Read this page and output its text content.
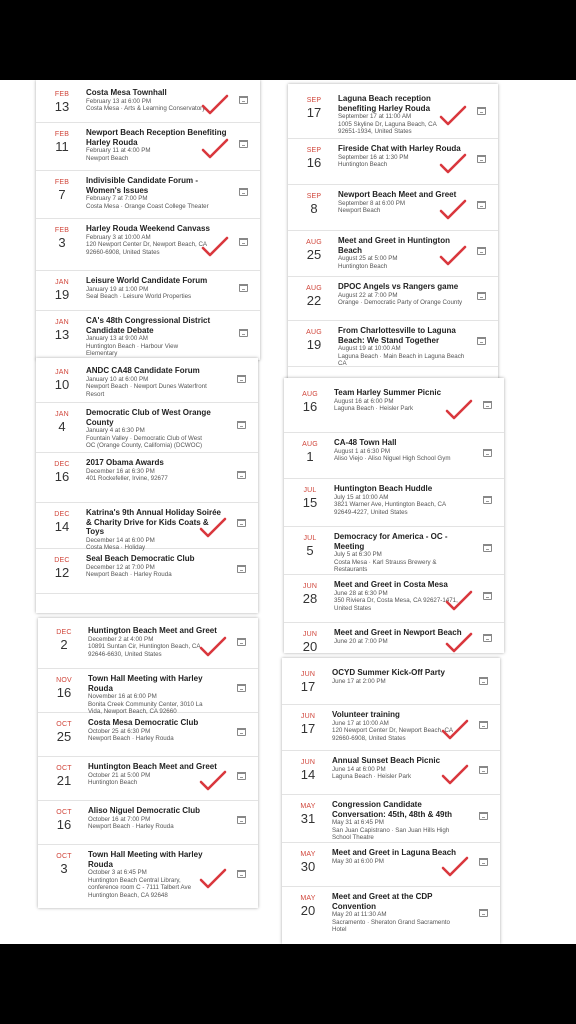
FEB
13
Costa Mesa Townhall
February 13 at 6:00 PM
Costa Mesa · Arts & Learning Conservatory
FEB
11
Newport Beach Reception Benefiting Harley Rouda
February 11 at 4:00 PM
Newport Beach
FEB
7
Indivisible Candidate Forum - Women's Issues
February 7 at 7:00 PM
Costa Mesa · Orange Coast College Theater
FEB
3
Harley Rouda Weekend Canvass
February 3 at 10:00 AM
120 Newport Center Dr, Newport Beach, CA
92660-6908, United States
JAN
19
Leisure World Candidate Forum
January 19 at 1:00 PM
Seal Beach · Leisure World Properties
JAN
13
CA's 48th Congressional District Candidate Debate
January 13 at 9:00 AM
Huntington Beach · Harbour View
Elementary
JAN
10
ANDC CA48 Candidate Forum
January 10 at 6:00 PM
Newport Beach · Newport Dunes Waterfront
Resort
JAN
4
Democratic Club of West Orange County
January 4 at 6:30 PM
Fountain Valley · Democratic Club of West
OC (Orange County, California) (DCWOC)
DEC
16
2017 Obama Awards
December 16 at 6:30 PM
401 Rockefeller, Irvine, 92677
DEC
14
Katrina's 9th Annual Holiday Soirée & Charity Drive for Kids Coats & Toys
December 14 at 6:00 PM
Costa Mesa · Holiday
DEC
12
Seal Beach Democratic Club
December 12 at 7:00 PM
Newport Beach · Harley Rouda
DEC
2
Huntington Beach Meet and Greet
December 2 at 4:00 PM
10891 Suntan Cir, Huntington Beach, CA
92646-6630, United States
NOV
16
Town Hall Meeting with Harley Rouda
November 16 at 6:00 PM
Bonita Creek Community Center, 3010 La
Vida, Newport Beach, CA 92660
OCT
25
Costa Mesa Democratic Club
October 25 at 6:30 PM
Newport Beach · Harley Rouda
OCT
21
Huntington Beach Meet and Greet
October 21 at 5:00 PM
Huntington Beach
OCT
16
Aliso Niguel Democratic Club
October 16 at 7:00 PM
Newport Beach · Harley Rouda
OCT
3
Town Hall Meeting with Harley Rouda
October 3 at 6:45 PM
Huntington Beach Central Library,
conference room C - 7111 Talbert Ave
Huntington Beach, CA 92648
SEP
17
Laguna Beach reception benefiting Harley Rouda
September 17 at 11:00 AM
1005 Skyline Dr, Laguna Beach, CA
92651-1934, United States
SEP
16
Fireside Chat with Harley Rouda
September 16 at 1:30 PM
Huntington Beach
SEP
8
Newport Beach Meet and Greet
September 8 at 6:00 PM
Newport Beach
AUG
25
Meet and Greet in Huntington Beach
August 25 at 5:00 PM
Huntington Beach
AUG
22
DPOC Angels vs Rangers game
August 22 at 7:00 PM
Orange · Democratic Party of Orange County
AUG
19
From Charlottesville to Laguna Beach: We Stand Together
August 19 at 10:00 AM
Laguna Beach · Main Beach in Laguna Beach
CA
AUG
16
Team Harley Summer Picnic
August 16 at 6:00 PM
Laguna Beach · Heisler Park
AUG
1
CA-48 Town Hall
August 1 at 6:30 PM
Aliso Viejo · Aliso Niguel High School Gym
JUL
15
Huntington Beach Huddle
July 15 at 10:00 AM
3821 Warner Ave, Huntington Beach, CA
92649-4227, United States
JUL
5
Democracy for America - OC - Meeting
July 5 at 6:30 PM
Costa Mesa · Karl Strauss Brewery &
Restaurants
JUN
28
Meet and Greet in Costa Mesa
June 28 at 6:30 PM
350 Riviera Dr, Costa Mesa, CA 92627-1471,
United States
JUN
20
Meet and Greet in Newport Beach
June 20 at 7:00 PM
JUN
17
OCYD Summer Kick-Off Party
June 17 at 2:00 PM
JUN
17
Volunteer training
June 17 at 10:00 AM
120 Newport Center Dr, Newport Beach, CA
92660-6908, United States
JUN
14
Annual Sunset Beach Picnic
June 14 at 6:00 PM
Laguna Beach · Heisler Park
MAY
31
Congression Candidate Conversation: 45th, 48th & 49th
May 31 at 6:45 PM
San Juan Capistrano · San Juan Hills High
School Theatre
MAY
30
Meet and Greet in Laguna Beach
May 30 at 6:00 PM
MAY
20
Meet and Greet at the CDP Convention
May 20 at 11:30 AM
Sacramento · Sheraton Grand Sacramento
Hotel
